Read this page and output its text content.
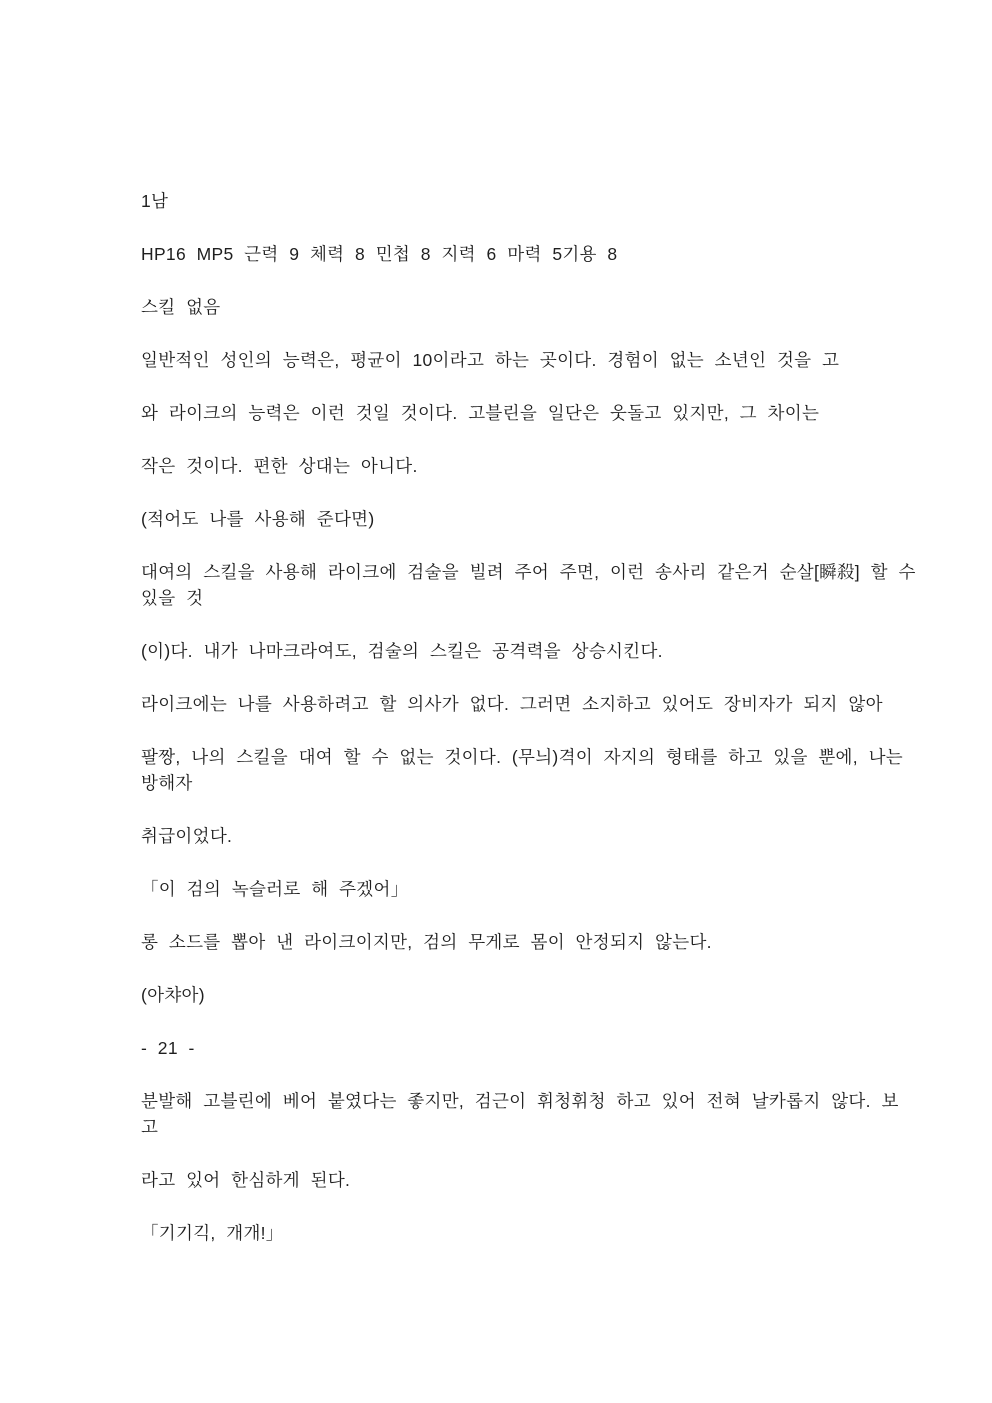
1남
HP16 MP5 근력 9 체력 8 민첩 8 지력 6 마력 5기용 8
스킬 없음
일반적인 성인의 능력은, 평균이 10이라고 하는 곳이다. 경험이 없는 소년인 것을 고
와 라이크의 능력은 이런 것일 것이다. 고블린을 일단은 웃돌고 있지만, 그 차이는
작은 것이다. 편한 상대는 아니다.
(적어도 나를 사용해 준다면)
대여의 스킬을 사용해 라이크에 검술을 빌려 주어 주면, 이런 송사리 같은거 순살[瞬殺] 할 수
있을 것
(이)다. 내가 나마크라여도, 검술의 스킬은 공격력을 상승시킨다.
라이크에는 나를 사용하려고 할 의사가 없다. 그러면 소지하고 있어도 장비자가 되지 않아
팔짱, 나의 스킬을 대여 할 수 없는 것이다. (무늬)격이 자지의 형태를 하고 있을 뿐에, 나는
방해자
취급이었다.
「이 검의 녹슬러로 해 주겠어」
롱 소드를 뽑아 낸 라이크이지만, 검의 무게로 몸이 안정되지 않는다.
(아챠아)
- 21 -
분발해 고블린에 베어 붙였다는 좋지만, 검근이 휘청휘청 하고 있어 전혀 날카롭지 않다. 보
고
라고 있어 한심하게 된다.
「기기긱, 개개!」
